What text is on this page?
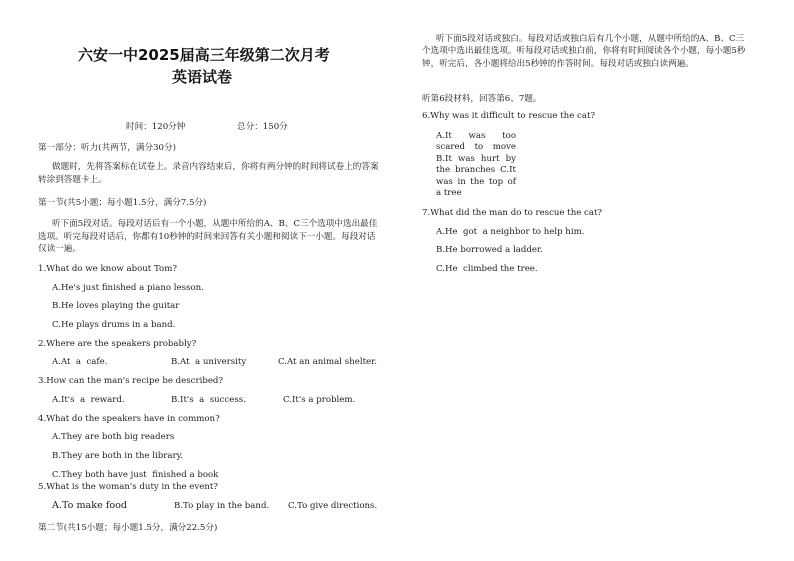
六安一中2025届高三年级第二次月考
英语试卷
时间：120分钟	总分：150分
第一部分：听力(共两节，满分30分)
做题时，先将答案标在试卷上。录音内容结束后，你将有两分钟的时间将试卷上的答案转涂到答题卡上。
第一节(共5小题；每小题1.5分，满分7.5分)
听下面5段对话。每段对话后有一个小题，从题中所给的A、B、C三个选项中选出最佳选项。听完每段对话后，你都有10秒钟的时间来回答有关小题和阅读下一小题。每段对话仅读一遍。
1.What do we know about Tom?
A.He's just finished a piano lesson.
B.He loves playing the guitar
C.He plays drums in a band.
2.Where are the speakers probably?
A.At  a  cafe.	B.At  a university	C.At an animal shelter.
3.How can the man's recipe be described?
A.It's  a  reward.	B.It's  a  success.	C.It's a problem.
4.What do the speakers have in common?
A.They are both big readers
B.They are both in the library.
C.They both have just  finished a book
5.What is the woman's duty in the event?
A.To make food	B.To play in the band. C.To give directions.
第二节(共15小题；每小题1.5分，满分22.5分)
听下面5段对话或独白。每段对话或独白后有几个小题，从题中所给的A、B、C三 个选项中选出最佳选项。听每段对话或独白前，你将有时间阅读各个小题，每小题5秒 钟，听完后，各小题将给出5秒钟的作答时间。每段对话或独白读两遍。
听第6段材料，回答第6、7题。
6.Why was it difficult to rescue the cat?
A.It was too
scared to move
B.It was hurt by
the branches C.It
was in the top of
a tree
7.What did the man do to rescue the cat?
A.He  got  a neighbor to help him.
B.He borrowed a ladder.
C.He  climbed the tree.
